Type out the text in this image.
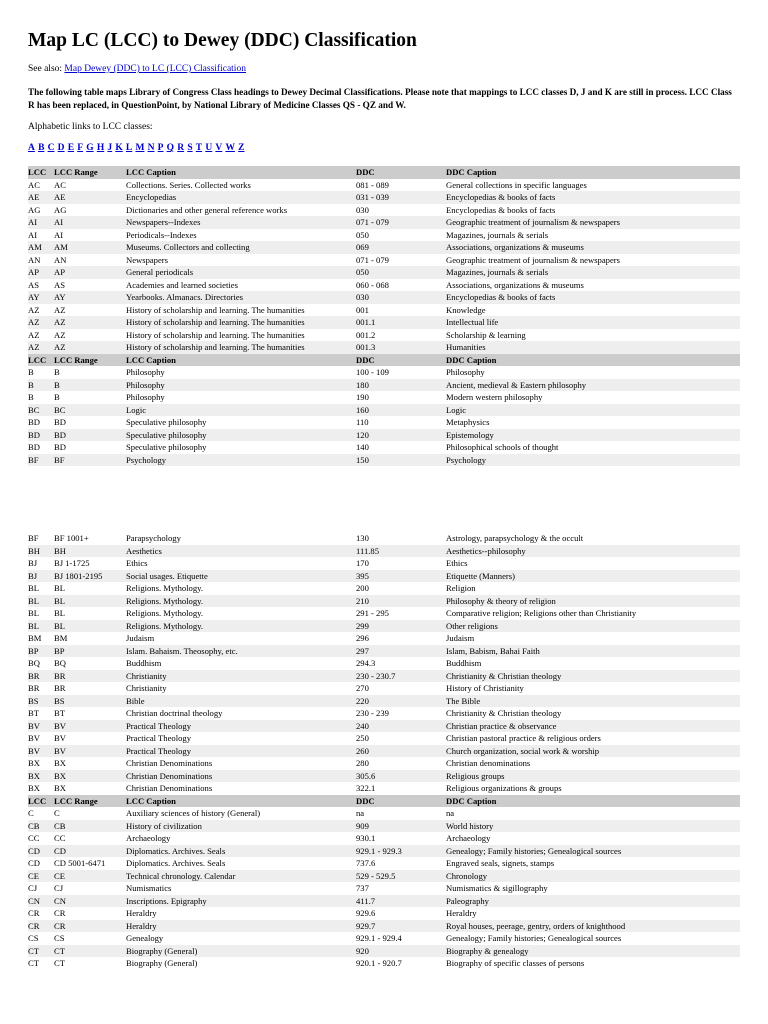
Map LC (LCC) to Dewey (DDC) Classification
See also: Map Dewey (DDC) to LC (LCC) Classification
The following table maps Library of Congress Class headings to Dewey Decimal Classifications. Please note that mappings to LCC classes D, J and K are still in process. LCC Class R has been replaced, in QuestionPoint, by National Library of Medicine Classes QS - QZ and W.
Alphabetic links to LCC classes:
A B C D E F G H J K L M N P Q R S T U V W Z
LCC	LCC Range	LCC Caption	DDC	DDC Caption
AC	AC	Collections. Series. Collected works	081 - 089	General collections in specific languages
AE	AE	Encyclopedias	031 - 039	Encyclopedias & books of facts
AG	AG	Dictionaries and other general reference works	030	Encyclopedias & books of facts
AI	AI	Newspapers--Indexes	071 - 079	Geographic treatment of journalism & newspapers
AI	AI	Periodicals--Indexes	050	Magazines, journals & serials
AM	AM	Museums. Collectors and collecting	069	Associations, organizations & museums
AN	AN	Newspapers	071 - 079	Geographic treatment of journalism & newspapers
AP	AP	General periodicals	050	Magazines, journals & serials
AS	AS	Academies and learned societies	060 - 068	Associations, organizations & museums
AY	AY	Yearbooks. Almanacs. Directories	030	Encyclopedias & books of facts
AZ	AZ	History of scholarship and learning. The humanities	001	Knowledge
AZ	AZ	History of scholarship and learning. The humanities	001.1	Intellectual life
AZ	AZ	History of scholarship and learning. The humanities	001.2	Scholarship & learning
AZ	AZ	History of scholarship and learning. The humanities	001.3	Humanities
LCC	LCC Range	LCC Caption	DDC	DDC Caption
B	B	Philosophy	100 - 109	Philosophy
B	B	Philosophy	180	Ancient, medieval & Eastern philosophy
B	B	Philosophy	190	Modern western philosophy
BC	BC	Logic	160	Logic
BD	BD	Speculative philosophy	110	Metaphysics
BD	BD	Speculative philosophy	120	Epistemology
BD	BD	Speculative philosophy	140	Philosophical schools of thought
BF	BF	Psychology	150	Psychology
BF	BF 1001+	Parapsychology	130	Astrology, parapsychology & the occult
BH	BH	Aesthetics	111.85	Aesthetics--philosophy
BJ	BJ 1-1725	Ethics	170	Ethics
BJ	BJ 1801-2195	Social usages. Etiquette	395	Etiquette (Manners)
BL	BL	Religions. Mythology.	200	Religion
BL	BL	Religions. Mythology.	210	Philosophy & theory of religion
BL	BL	Religions. Mythology.	291 - 295	Comparative religion; Religions other than Christianity
BL	BL	Religions. Mythology.	299	Other religions
BM	BM	Judaism	296	Judaism
BP	BP	Islam. Bahaism. Theosophy, etc.	297	Islam, Babism, Bahai Faith
BQ	BQ	Buddhism	294.3	Buddhism
BR	BR	Christianity	230 - 230.7	Christianity & Christian theology
BR	BR	Christianity	270	History of Christianity
BS	BS	Bible	220	The Bible
BT	BT	Christian doctrinal theology	230 - 239	Christianity & Christian theology
BV	BV	Practical Theology	240	Christian practice & observance
BV	BV	Practical Theology	250	Christian pastoral practice & religious orders
BV	BV	Practical Theology	260	Church organization, social work & worship
BX	BX	Christian Denominations	280	Christian denominations
BX	BX	Christian Denominations	305.6	Religious groups
BX	BX	Christian Denominations	322.1	Religious organizations & groups
LCC	LCC Range	LCC Caption	DDC	DDC Caption
C	C	Auxiliary sciences of history (General)	na	na
CB	CB	History of civilization	909	World history
CC	CC	Archaeology	930.1	Archaeology
CD	CD	Diplomatics. Archives. Seals	929.1 - 929.3	Genealogy; Family histories; Genealogical sources
CD	CD 5001-6471	Diplomatics. Archives. Seals	737.6	Engraved seals, signets, stamps
CE	CE	Technical chronology. Calendar	529 - 529.5	Chronology
CJ	CJ	Numismatics	737	Numismatics & sigillography
CN	CN	Inscriptions. Epigraphy	411.7	Paleography
CR	CR	Heraldry	929.6	Heraldry
CR	CR	Heraldry	929.7	Royal houses, peerage, gentry, orders of knighthood
CS	CS	Genealogy	929.1 - 929.4	Genealogy; Family histories; Genealogical sources
CT	CT	Biography (General)	920	Biography & genealogy
CT	CT	Biography (General)	920.1 - 920.7	Biography of specific classes of persons
